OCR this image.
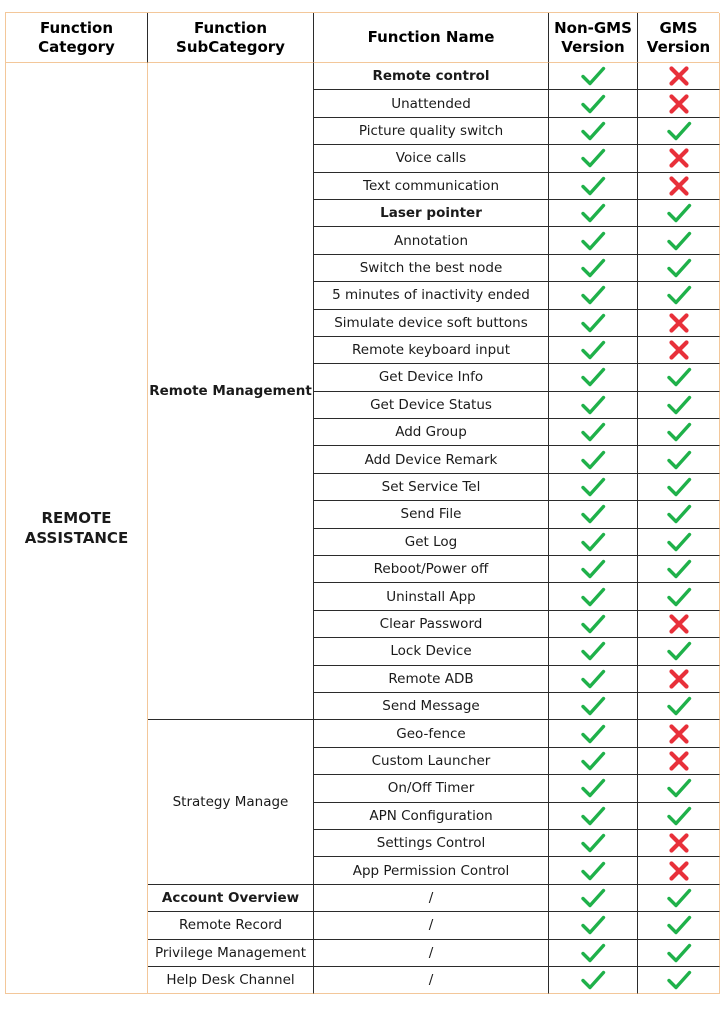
Function
Category
Function
SubCategory
Function Name
Non-GMS
Version
GMS
Version
REMOTE
ASSISTANCE
Remote Management
Strategy Manage
Account Overview
Remote Record
Privilege Management
Help Desk Channel
Remote control
Unattended
Picture quality switch
Voice calls
Text communication
Laser pointer
Annotation
Switch the best node
5 minutes of inactivity ended
Simulate device soft buttons
Remote keyboard input
Get Device Info
Get Device Status
Add Group
Add Device Remark
Set Service Tel
Send File
Get Log
Reboot/Power off
Uninstall App
Clear Password
Lock Device
Remote ADB
Send Message
Geo-fence
Custom Launcher
On/Off Timer
APN Configuration
Settings Control
App Permission Control
/
/
/
/
